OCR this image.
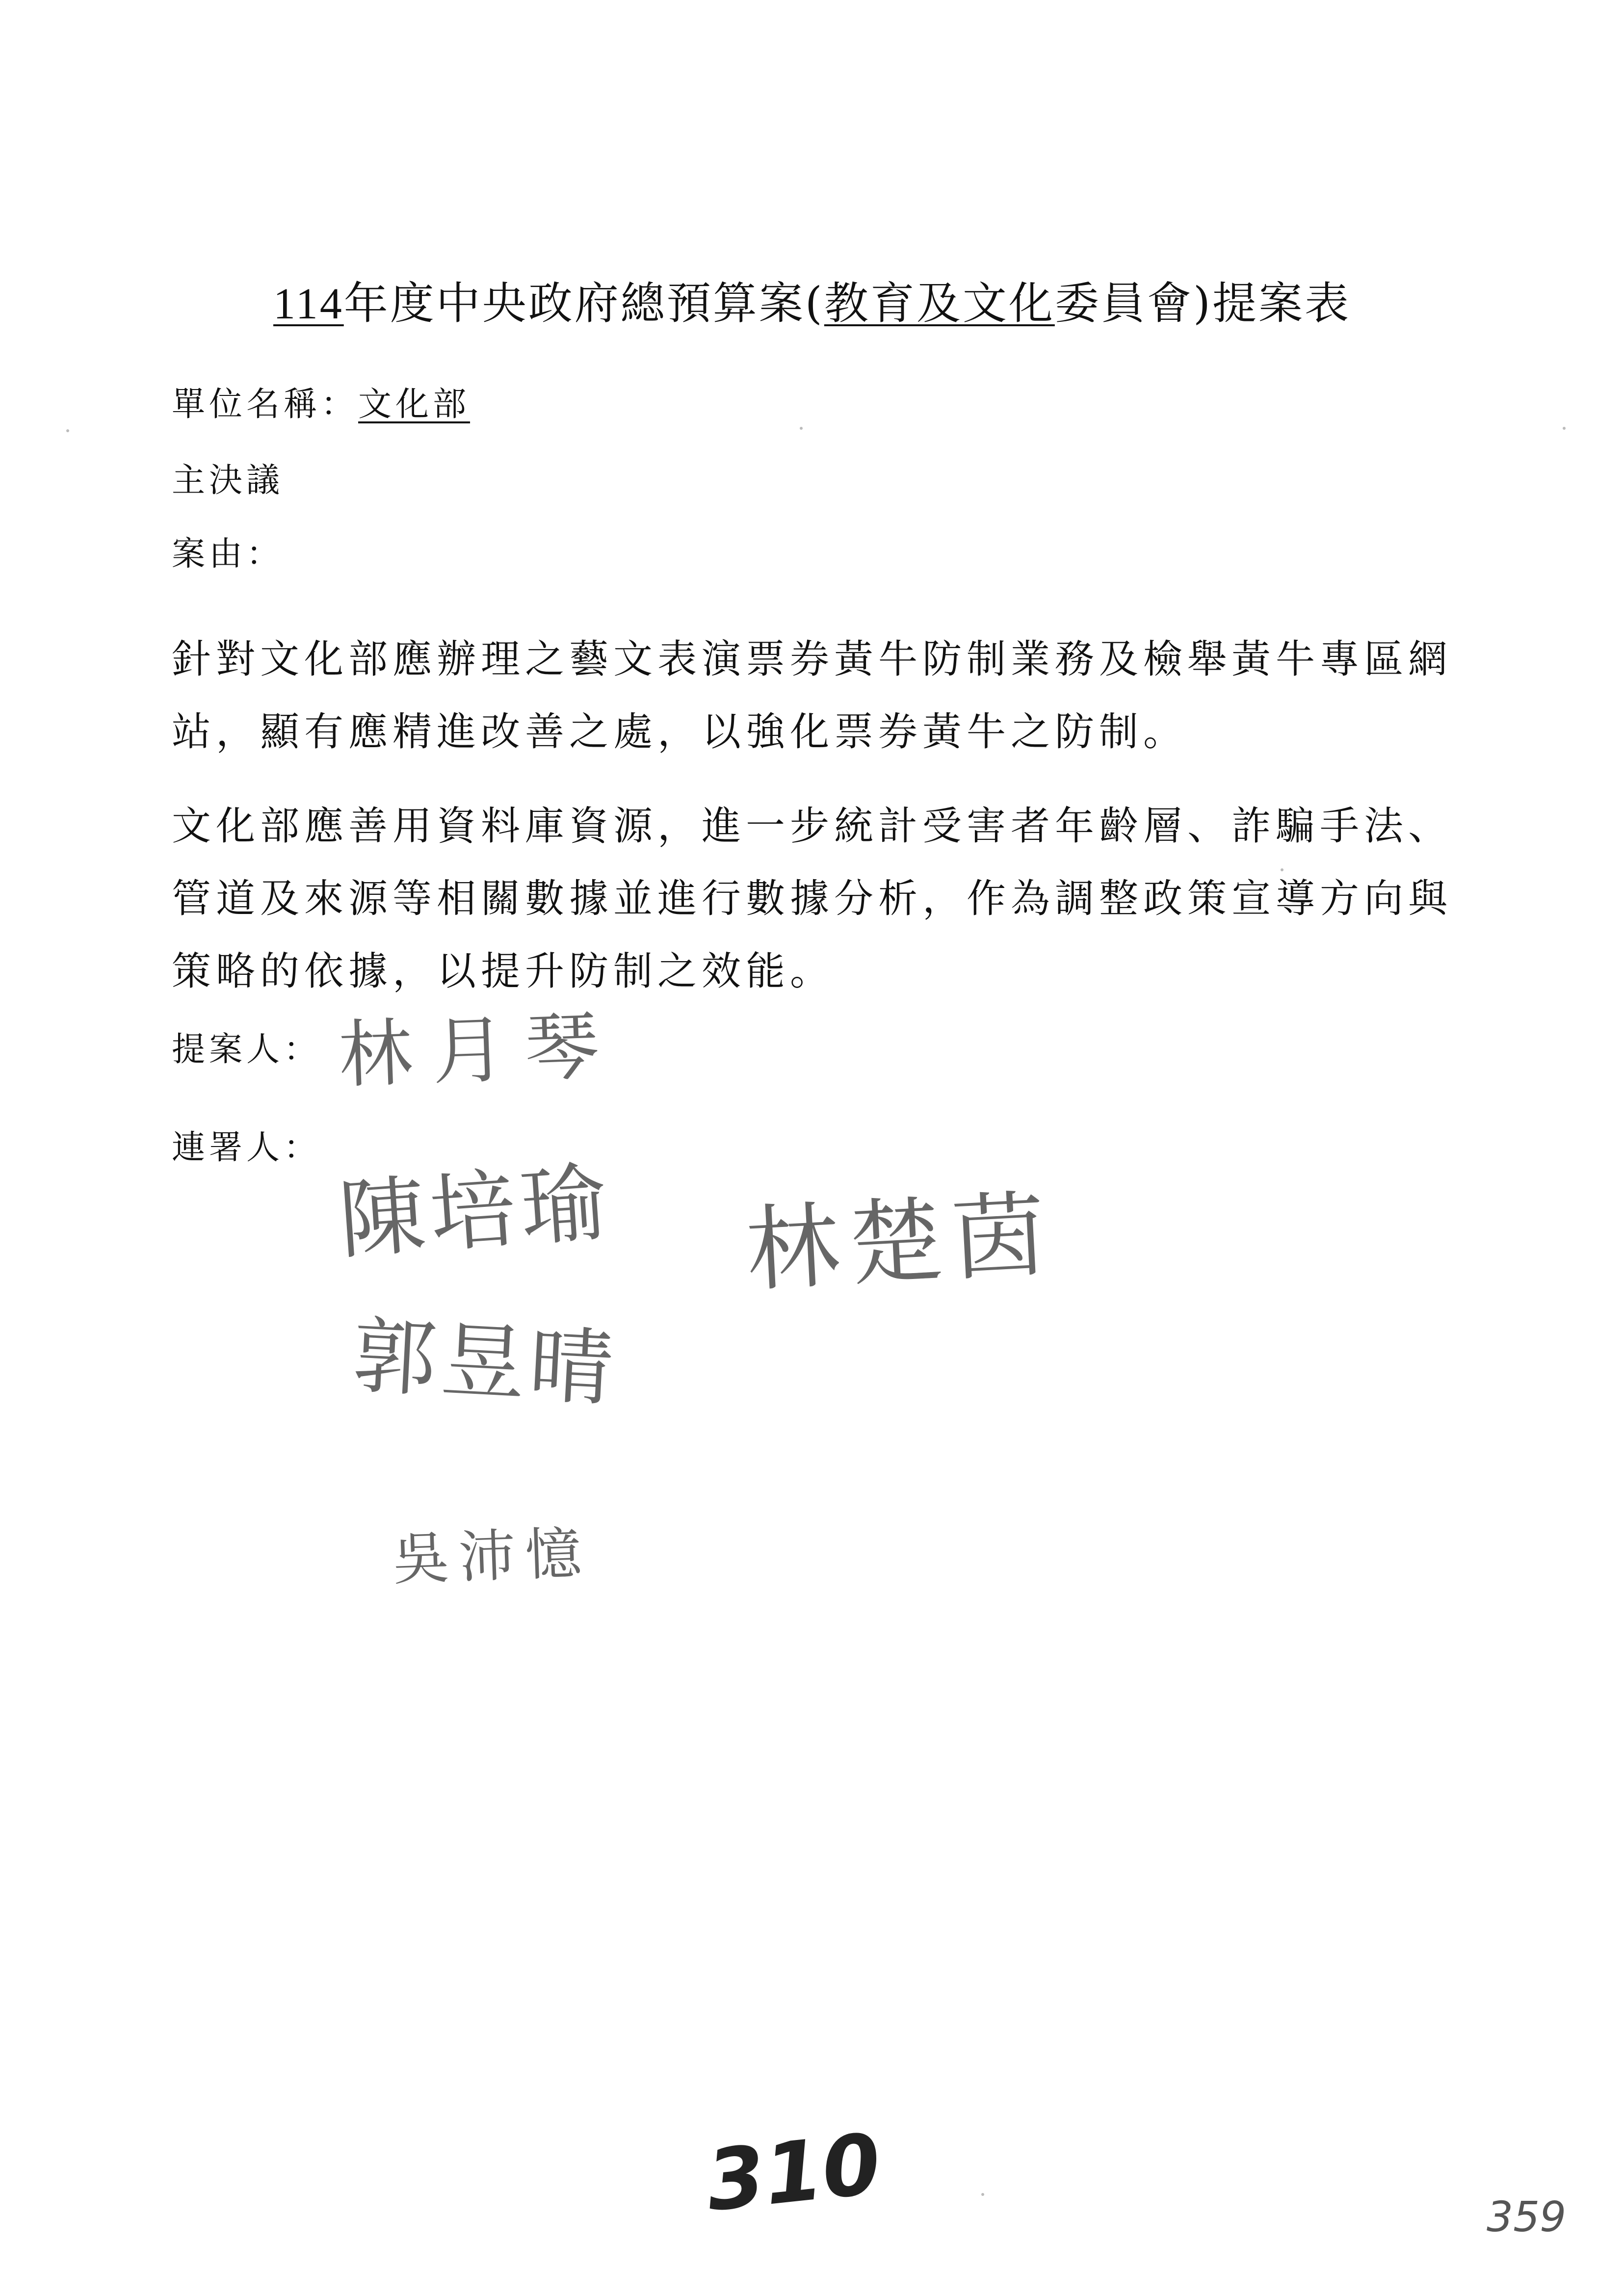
114年度中央政府總預算案(教育及文化委員會)提案表
單位名稱：文化部
主決議
案由：
針對文化部應辦理之藝文表演票券黃牛防制業務及檢舉黃牛專區網站，顯有應精進改善之處，以強化票券黃牛之防制。
文化部應善用資料庫資源，進一步統計受害者年齡層、詐騙手法、管道及來源等相關數據並進行數據分析，作為調整政策宣導方向與策略的依據，以提升防制之效能。
提案人：
連署人：
林月琴
陳培瑜 林楚茵
郭昱晴
吳沛憶
310	359
